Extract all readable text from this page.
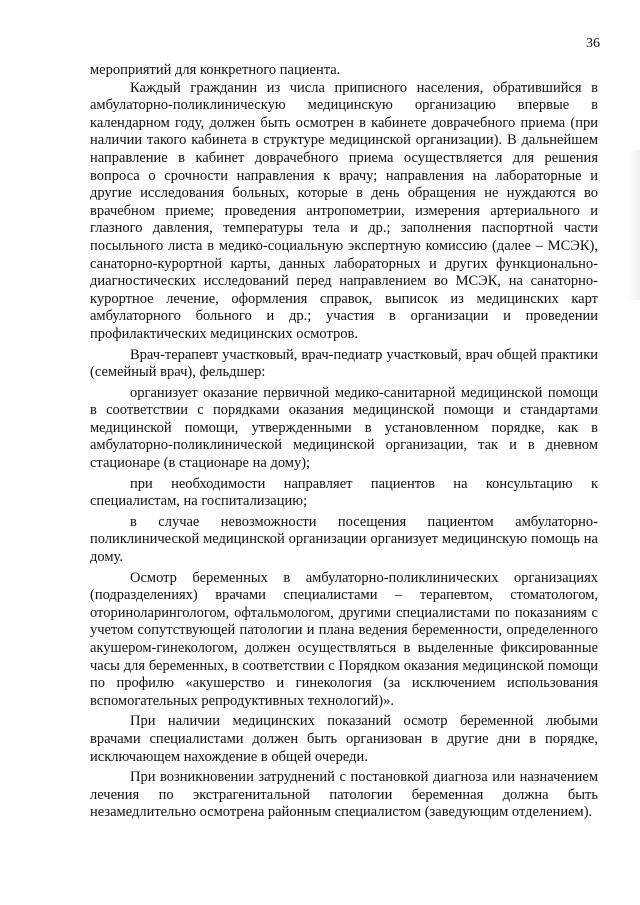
36

мероприятий для конкретного пациента.

Каждый гражданин из числа приписного населения, обратившийся в амбулаторно-поликлиническую медицинскую организацию впервые в календарном году, должен быть осмотрен в кабинете доврачебного приема (при наличии такого кабинета в структуре медицинской организации). В дальнейшем направление в кабинет доврачебного приема осуществляется для решения вопроса о срочности направления к врачу; направления на лабораторные и другие исследования больных, которые в день обращения не нуждаются во врачебном приеме; проведения антропометрии, измерения артериального и глазного давления, температуры тела и др.; заполнения паспортной части посыльного листа в медико-социальную экспертную комиссию (далее – МСЭК), санаторно-курортной карты, данных лабораторных и других функционально-диагностических исследований перед направлением во МСЭК, на санаторно-курортное лечение, оформления справок, выписок из медицинских карт амбулаторного больного и др.; участия в организации и проведении профилактических медицинских осмотров.

Врач-терапевт участковый, врач-педиатр участковый, врач общей практики (семейный врач), фельдшер:

организует оказание первичной медико-санитарной медицинской помощи в соответствии с порядками оказания медицинской помощи и стандартами медицинской помощи, утвержденными в установленном порядке, как в амбулаторно-поликлинической медицинской организации, так и в дневном стационаре (в стационаре на дому);

при необходимости направляет пациентов на консультацию к специалистам, на госпитализацию;

в случае невозможности посещения пациентом амбулаторно-поликлинической медицинской организации организует медицинскую помощь на дому.

Осмотр беременных в амбулаторно-поликлинических организациях (подразделениях) врачами специалистами – терапевтом, стоматологом, оториноларингологом, офтальмологом, другими специалистами по показаниям с учетом сопутствующей патологии и плана ведения беременности, определенного акушером-гинекологом, должен осуществляться в выделенные фиксированные часы для беременных, в соответствии с Порядком оказания медицинской помощи по профилю «акушерство и гинекология (за исключением использования вспомогательных репродуктивных технологий)».

При наличии медицинских показаний осмотр беременной любыми врачами специалистами должен быть организован в другие дни в порядке, исключающем нахождение в общей очереди.

При возникновении затруднений с постановкой диагноза или назначением лечения по экстрагенитальной патологии беременная должна быть незамедлительно осмотрена районным специалистом (заведующим отделением).
